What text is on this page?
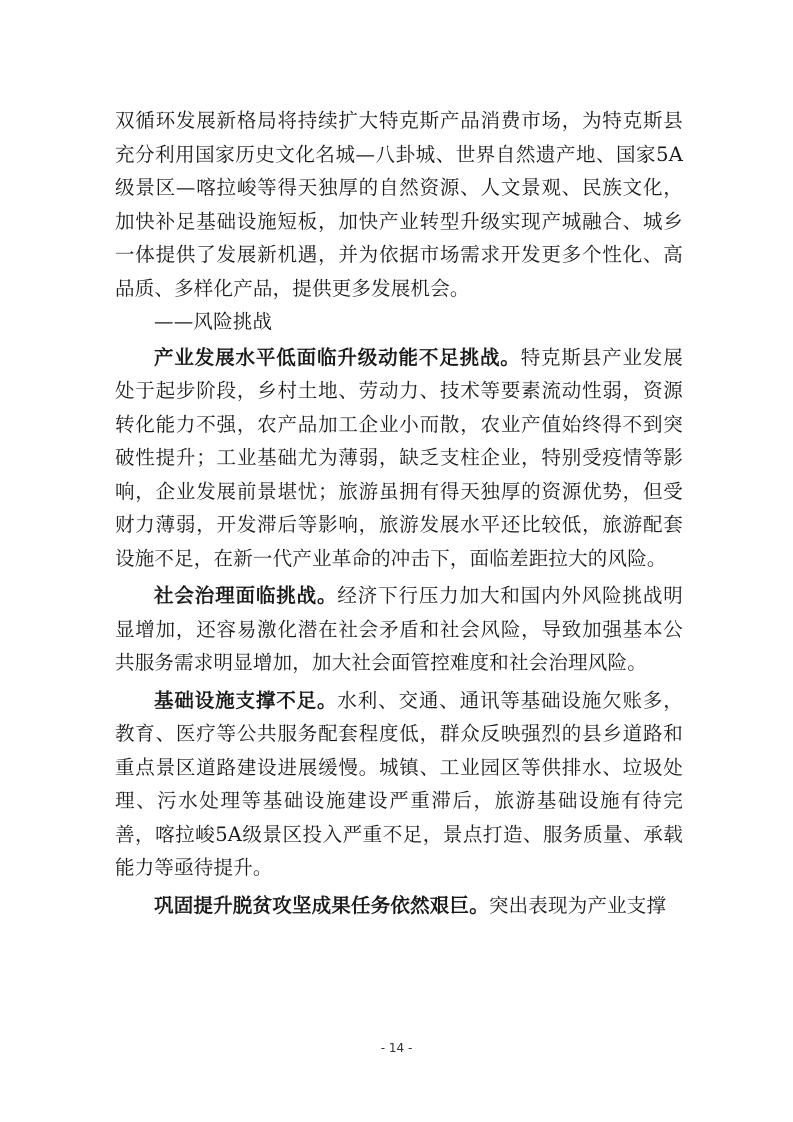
双循环发展新格局将持续扩大特克斯产品消费市场，为特克斯县充分利用国家历史文化名城—八卦城、世界自然遗产地、国家5A级景区—喀拉峻等得天独厚的自然资源、人文景观、民族文化，加快补足基础设施短板，加快产业转型升级实现产城融合、城乡一体提供了发展新机遇，并为依据市场需求开发更多个性化、高品质、多样化产品，提供更多发展机会。

——风险挑战

产业发展水平低面临升级动能不足挑战。特克斯县产业发展处于起步阶段，乡村土地、劳动力、技术等要素流动性弱，资源转化能力不强，农产品加工企业小而散，农业产值始终得不到突破性提升；工业基础尤为薄弱，缺乏支柱企业，特别受疫情等影响，企业发展前景堪忧；旅游虽拥有得天独厚的资源优势，但受财力薄弱，开发滞后等影响，旅游发展水平还比较低，旅游配套设施不足，在新一代产业革命的冲击下，面临差距拉大的风险。

社会治理面临挑战。经济下行压力加大和国内外风险挑战明显增加，还容易激化潜在社会矛盾和社会风险，导致加强基本公共服务需求明显增加，加大社会面管控难度和社会治理风险。

基础设施支撑不足。水利、交通、通讯等基础设施欠账多，教育、医疗等公共服务配套程度低，群众反映强烈的县乡道路和重点景区道路建设进展缓慢。城镇、工业园区等供排水、垃圾处理、污水处理等基础设施建设严重滞后，旅游基础设施有待完善，喀拉峻5A级景区投入严重不足，景点打造、服务质量、承载能力等亟待提升。

巩固提升脱贫攻坚成果任务依然艰巨。突出表现为产业支撑

- 14 -
